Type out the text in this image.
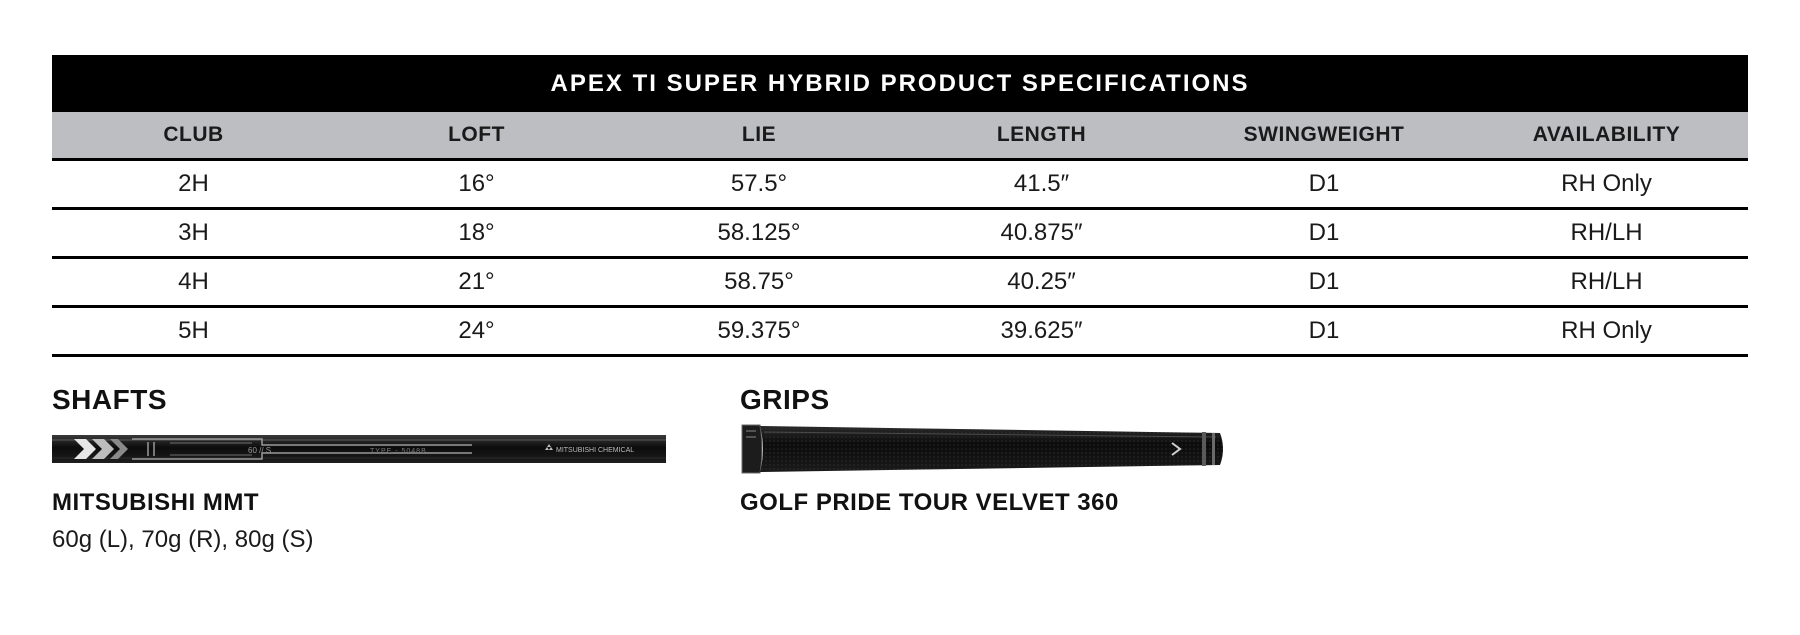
APEX TI SUPER HYBRID PRODUCT SPECIFICATIONS					
CLUB	LOFT	LIE	LENGTH	SWINGWEIGHT	AVAILABILITY
2H	16°	57.5°	41.5″	D1	RH Only
3H	18°	58.125°	40.875″	D1	RH/LH
4H	21°	58.75°	40.25″	D1	RH/LH
5H	24°	59.375°	39.625″	D1	RH Only
SHAFTS
60 // S	TYPE - 5048B	MITSUBISHI CHEMICAL
MITSUBISHI MMT

60g (L), 70g (R), 80g (S)

GRIPS
GOLF PRIDE TOUR VELVET 360
